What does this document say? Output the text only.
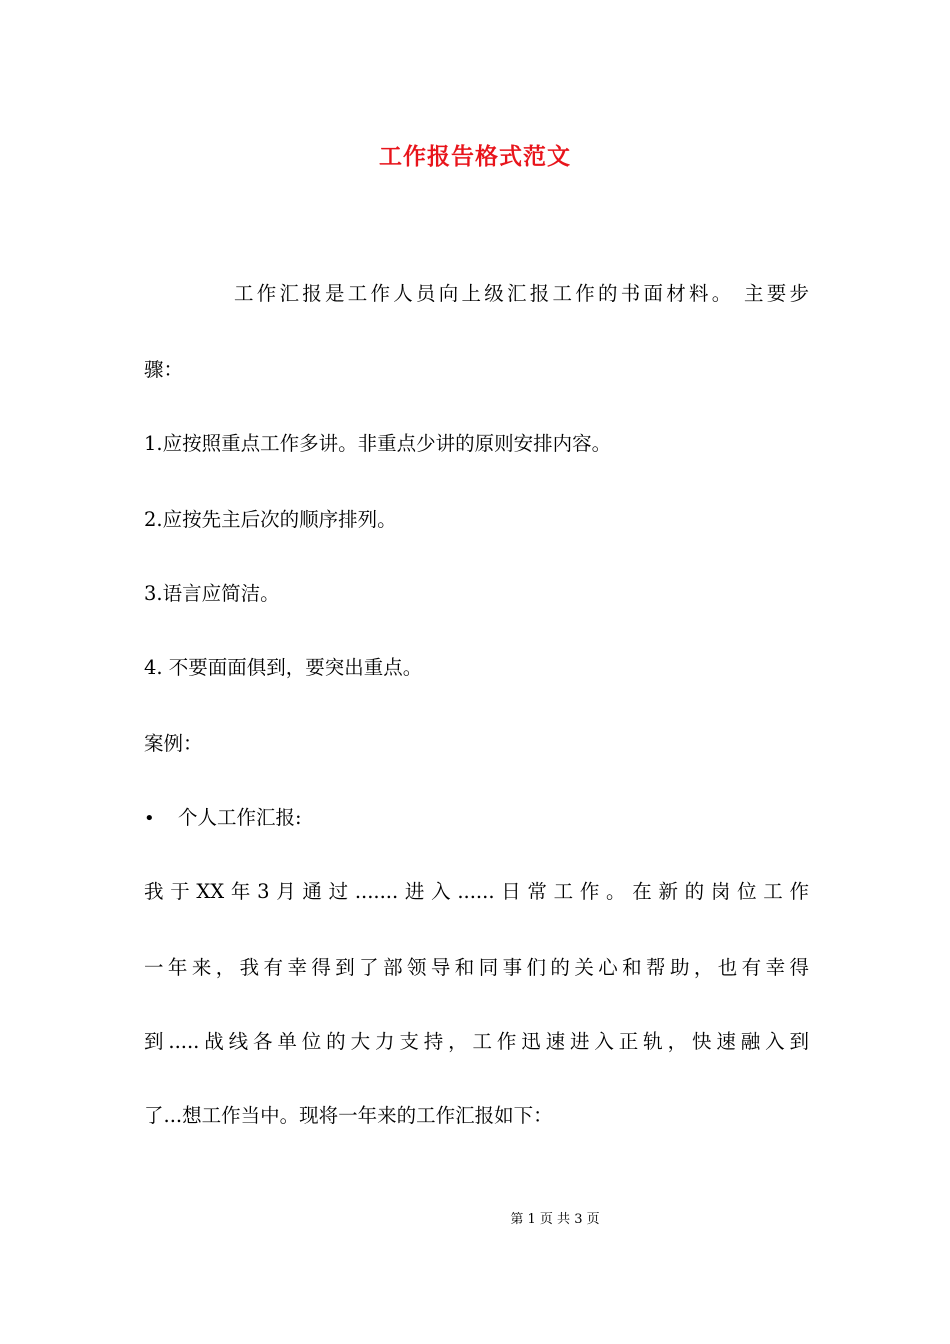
工作报告格式范文
工作汇报是工作人员向上级汇报工作的书面材料。 主要步
骤：
1.应按照重点工作多讲。非重点少讲的原则安排内容。
2.应按先主后次的顺序排列。
3.语言应简洁。
4. 不要面面俱到，要突出重点。
案例：
• 个人工作汇报:
我于XX年3月通过.......进入......日常工作。在新的岗位工作
一年来，我有幸得到了部领导和同事们的关心和帮助，也有幸得
到.....战线各单位的大力支持，工作迅速进入正轨，快速融入到
了...想工作当中。现将一年来的工作汇报如下：
第 1 页 共 3 页
